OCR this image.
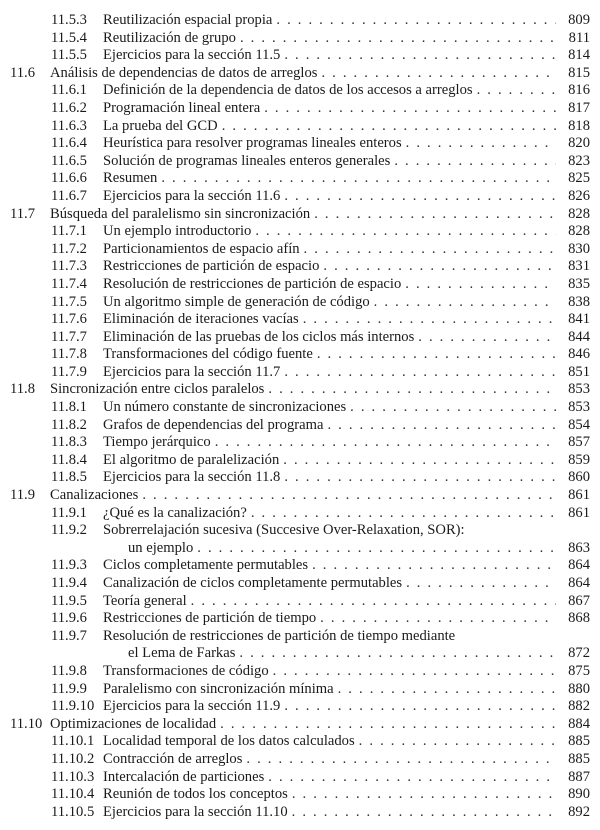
11.5.3 Reutilización espacial propia . . .	809
11.5.4 Reutilización de grupo . . .	811
11.5.5 Ejercicios para la sección 11.5 . . .	814
11.6 Análisis de dependencias de datos de arreglos . . .	815
11.6.1 Definición de la dependencia de datos de los accesos a arreglos . . .	816
11.6.2 Programación lineal entera . . .	817
11.6.3 La prueba del GCD . . .	818
11.6.4 Heurística para resolver programas lineales enteros . . .	820
11.6.5 Solución de programas lineales enteros generales . . .	823
11.6.6 Resumen . . .	825
11.6.7 Ejercicios para la sección 11.6 . . .	826
11.7 Búsqueda del paralelismo sin sincronización . . .	828
11.7.1 Un ejemplo introductorio . . .	828
11.7.2 Particionamientos de espacio afín . . .	830
11.7.3 Restricciones de partición de espacio . . .	831
11.7.4 Resolución de restricciones de partición de espacio . . .	835
11.7.5 Un algoritmo simple de generación de código . . .	838
11.7.6 Eliminación de iteraciones vacías . . .	841
11.7.7 Eliminación de las pruebas de los ciclos más internos . . .	844
11.7.8 Transformaciones del código fuente . . .	846
11.7.9 Ejercicios para la sección 11.7 . . .	851
11.8 Sincronización entre ciclos paralelos . . .	853
11.8.1 Un número constante de sincronizaciones . . .	853
11.8.2 Grafos de dependencias del programa . . .	854
11.8.3 Tiempo jerárquico . . .	857
11.8.4 El algoritmo de paralelización . . .	859
11.8.5 Ejercicios para la sección 11.8 . . .	860
11.9 Canalizaciones . . .	861
11.9.1 ¿Qué es la canalización? . . .	861
11.9.2 Sobrerrelajación sucesiva (Succesive Over-Relaxation, SOR):
un ejemplo . . .	863
11.9.3 Ciclos completamente permutables . . .	864
11.9.4 Canalización de ciclos completamente permutables . . .	864
11.9.5 Teoría general . . .	867
11.9.6 Restricciones de partición de tiempo . . .	868
11.9.7 Resolución de restricciones de partición de tiempo mediante
el Lema de Farkas . . .	872
11.9.8 Transformaciones de código . . .	875
11.9.9 Paralelismo con sincronización mínima . . .	880
11.9.10 Ejercicios para la sección 11.9 . . .	882
11.10 Optimizaciones de localidad . . .	884
11.10.1 Localidad temporal de los datos calculados . . .	885
11.10.2 Contracción de arreglos . . .	885
11.10.3 Intercalación de particiones . . .	887
11.10.4 Reunión de todos los conceptos . . .	890
11.10.5 Ejercicios para la sección 11.10 . . .	892
